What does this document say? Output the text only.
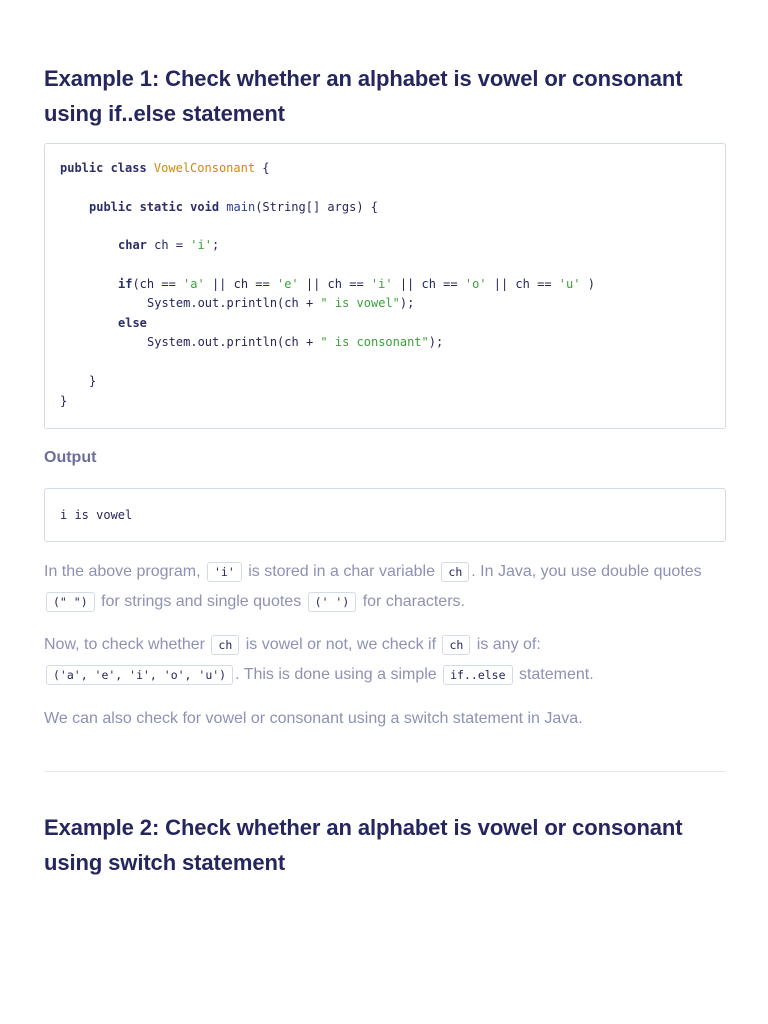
Example 1: Check whether an alphabet is vowel or consonant using if..else statement
public class VowelConsonant {
public static void main(String[] args) {
char ch = 'i';
if(ch == 'a' || ch == 'e' || ch == 'i' || ch == 'o' || ch == 'u' )
System.out.println(ch + " is vowel");
else
System.out.println(ch + " is consonant");
}
}
Output
i is vowel
In the above program, 'i' is stored in a char variable ch . In Java, you use double quotes (" ") for strings and single quotes (' ') for characters.
Now, to check whether ch is vowel or not, we check if ch is any of: ('a', 'e', 'i', 'o', 'u') . This is done using a simple if..else statement.
We can also check for vowel or consonant using a switch statement in Java.
Example 2: Check whether an alphabet is vowel or consonant using switch statement
